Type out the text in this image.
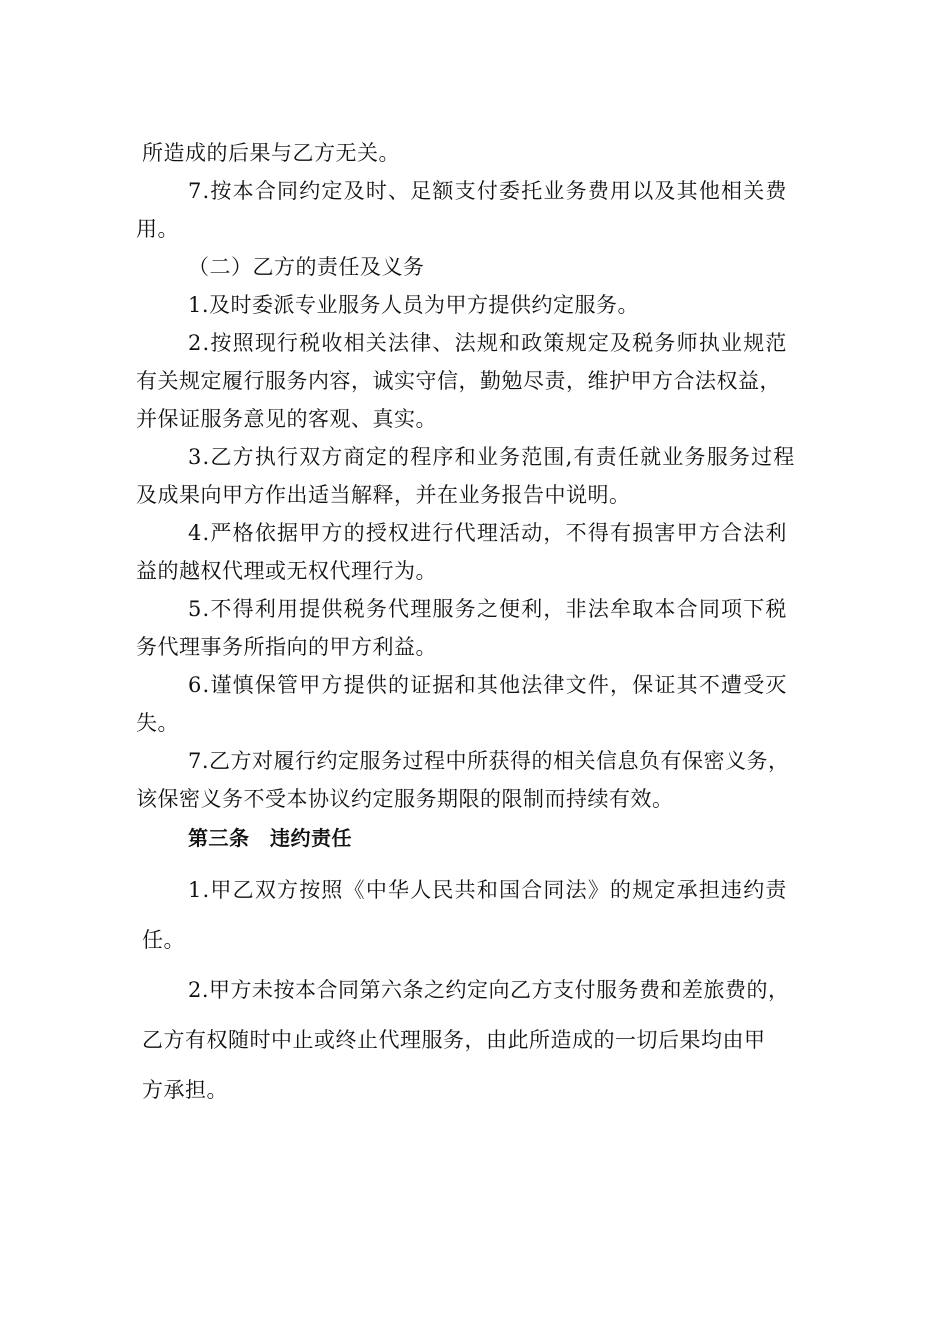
所造成的后果与乙方无关。
7.按本合同约定及时、足额支付委托业务费用以及其他相关费
用。
（二）乙方的责任及义务
1.及时委派专业服务人员为甲方提供约定服务。
2.按照现行税收相关法律、法规和政策规定及税务师执业规范
有关规定履行服务内容，诚实守信，勤勉尽责，维护甲方合法权益，
并保证服务意见的客观、真实。
3.乙方执行双方商定的程序和业务范围,有责任就业务服务过程
及成果向甲方作出适当解释，并在业务报告中说明。
4.严格依据甲方的授权进行代理活动，不得有损害甲方合法利
益的越权代理或无权代理行为。
5.不得利用提供税务代理服务之便利，非法牟取本合同项下税
务代理事务所指向的甲方利益。
6.谨慎保管甲方提供的证据和其他法律文件，保证其不遭受灭
失。
7.乙方对履行约定服务过程中所获得的相关信息负有保密义务，
该保密义务不受本协议约定服务期限的限制而持续有效。
第三条　违约责任
1.甲乙双方按照《中华人民共和国合同法》的规定承担违约责
任。
2.甲方未按本合同第六条之约定向乙方支付服务费和差旅费的，
乙方有权随时中止或终止代理服务，由此所造成的一切后果均由甲
方承担。
